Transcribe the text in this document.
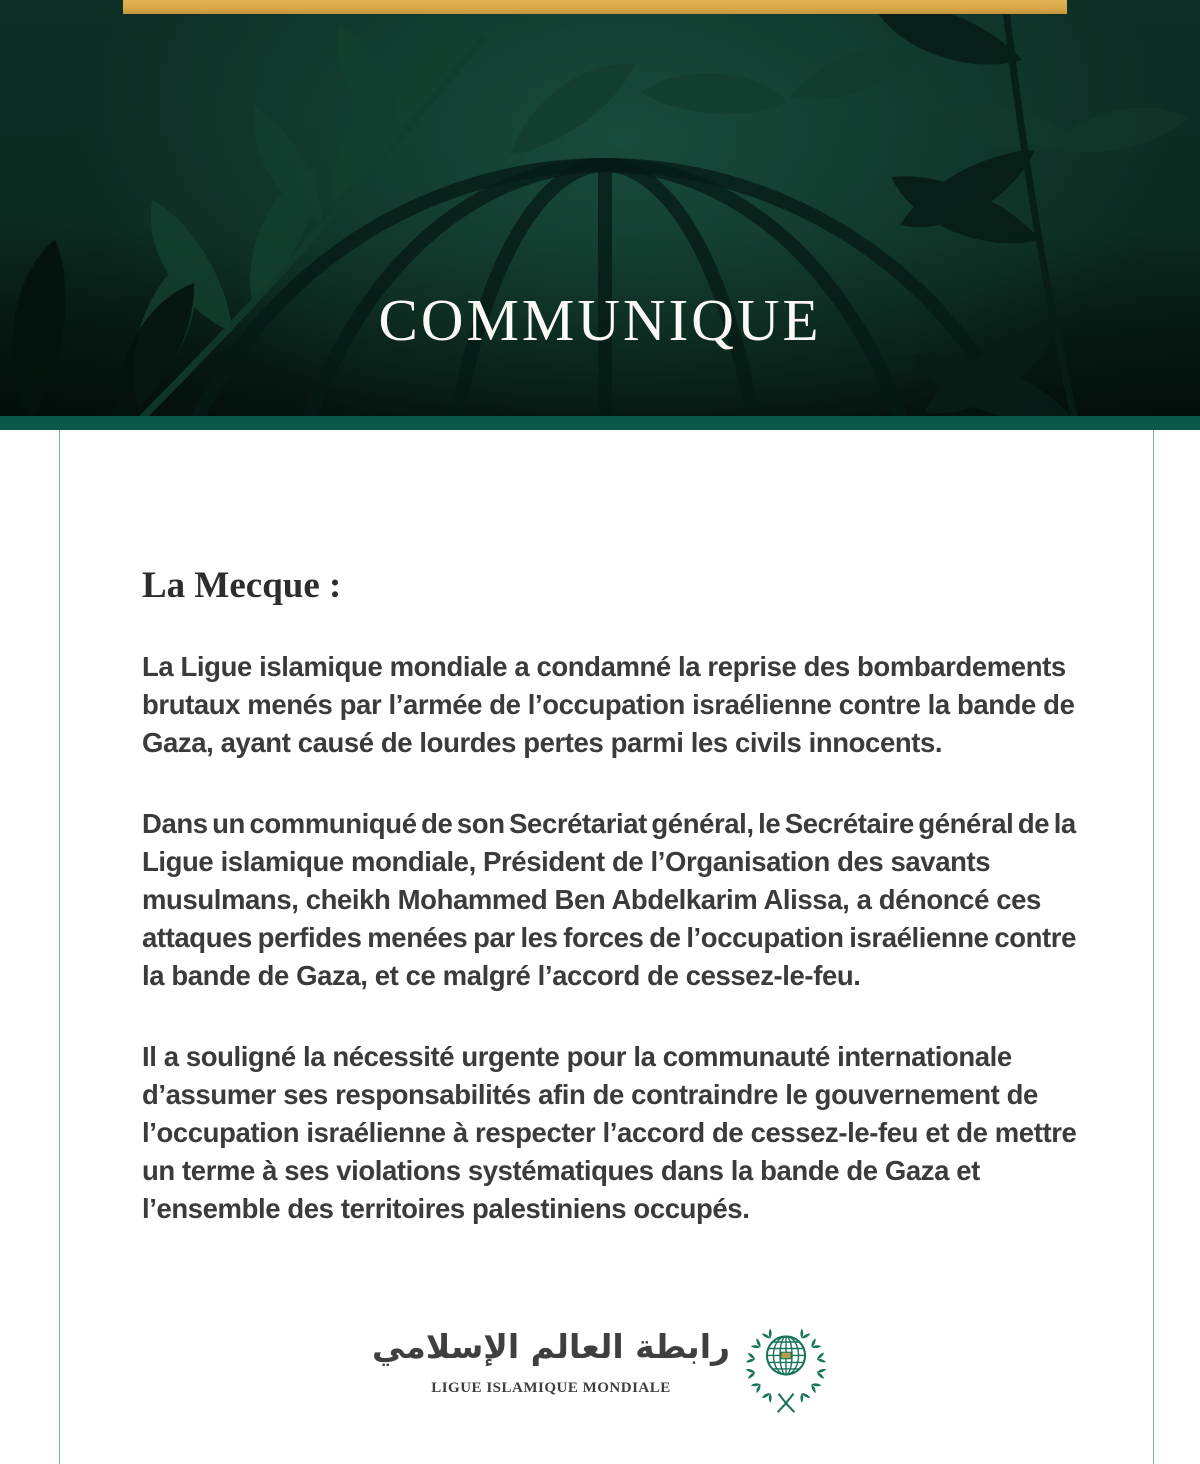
COMMUNIQUE
La Mecque :
La Ligue islamique mondiale a condamné la reprise des bombardements
brutaux menés par l’armée de l’occupation israélienne contre la bande de
Gaza, ayant causé de lourdes pertes parmi les civils innocents.
Dans un communiqué de son Secrétariat général, le Secrétaire général de la
Ligue islamique mondiale, Président de l’Organisation des savants
musulmans, cheikh Mohammed Ben Abdelkarim Alissa, a dénoncé ces
attaques perfides menées par les forces de l’occupation israélienne contre
la bande de Gaza, et ce malgré l’accord de cessez-le-feu.
Il a souligné la nécessité urgente pour la communauté internationale
d’assumer ses responsabilités afin de contraindre le gouvernement de
l’occupation israélienne à respecter l’accord de cessez-le-feu et de mettre
un terme à ses violations systématiques dans la bande de Gaza et
l’ensemble des territoires palestiniens occupés.
رابطة العالم الإسلامي
LIGUE ISLAMIQUE MONDIALE
